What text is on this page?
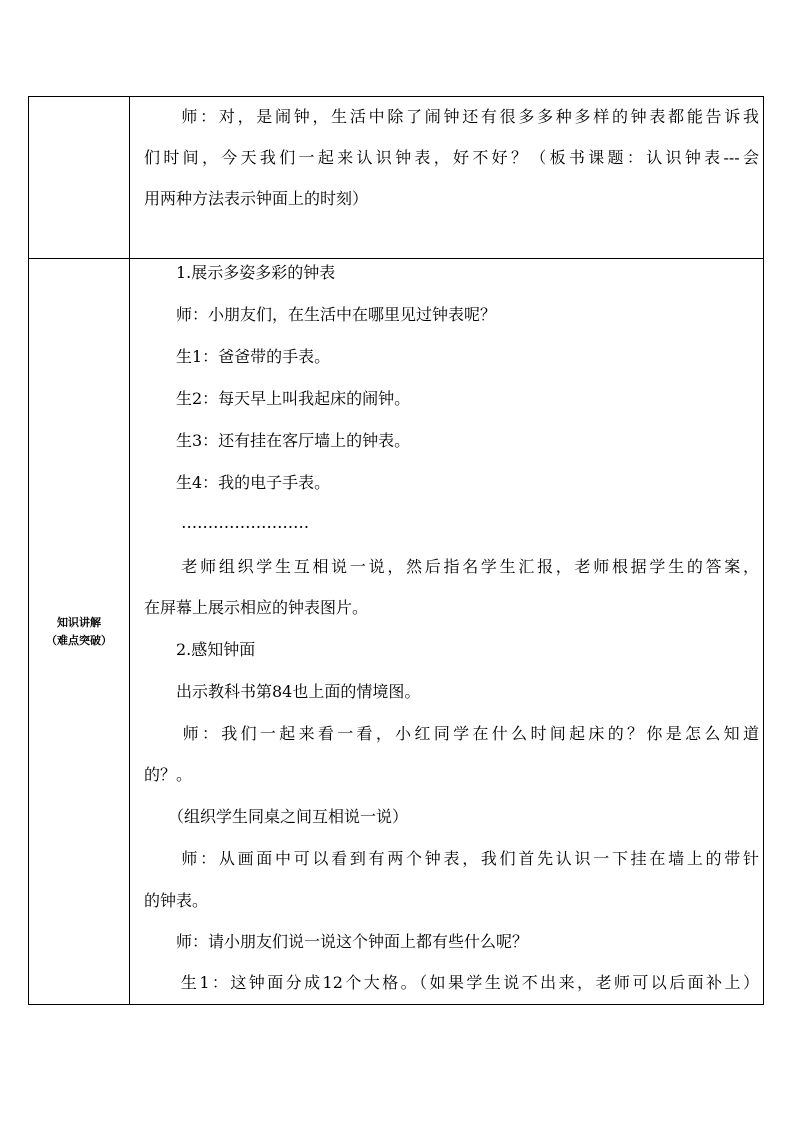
　　师：对，是闹钟，生活中除了闹钟还有很多多种多样的钟表都能告诉我

们时间，今天我们一起来认识钟表，好不好？（板书课题：认识钟表---会

用两种方法表示钟面上的时刻）

知识讲解
（难点突破）

　　1.展示多姿多彩的钟表

　　师：小朋友们，在生活中在哪里见过钟表呢？

　　生1：爸爸带的手表。

　　生2：每天早上叫我起床的闹钟。

　　生3：还有挂在客厅墙上的钟表。

　　生4：我的电子手表。

　　 ……………………

　　老师组织学生互相说一说，然后指名学生汇报，老师根据学生的答案，

在屏幕上展示相应的钟表图片。

　　2.感知钟面

　　出示教科书第84也上面的情境图。

　　师：我们一起来看一看，小红同学在什么时间起床的？你是怎么知道

的？。

　　（组织学生同桌之间互相说一说）

　　师：从画面中可以看到有两个钟表，我们首先认识一下挂在墙上的带针

的钟表。

　　师：请小朋友们说一说这个钟面上都有些什么呢？

　　生1：这钟面分成12个大格。（如果学生说不出来，老师可以后面补上）
